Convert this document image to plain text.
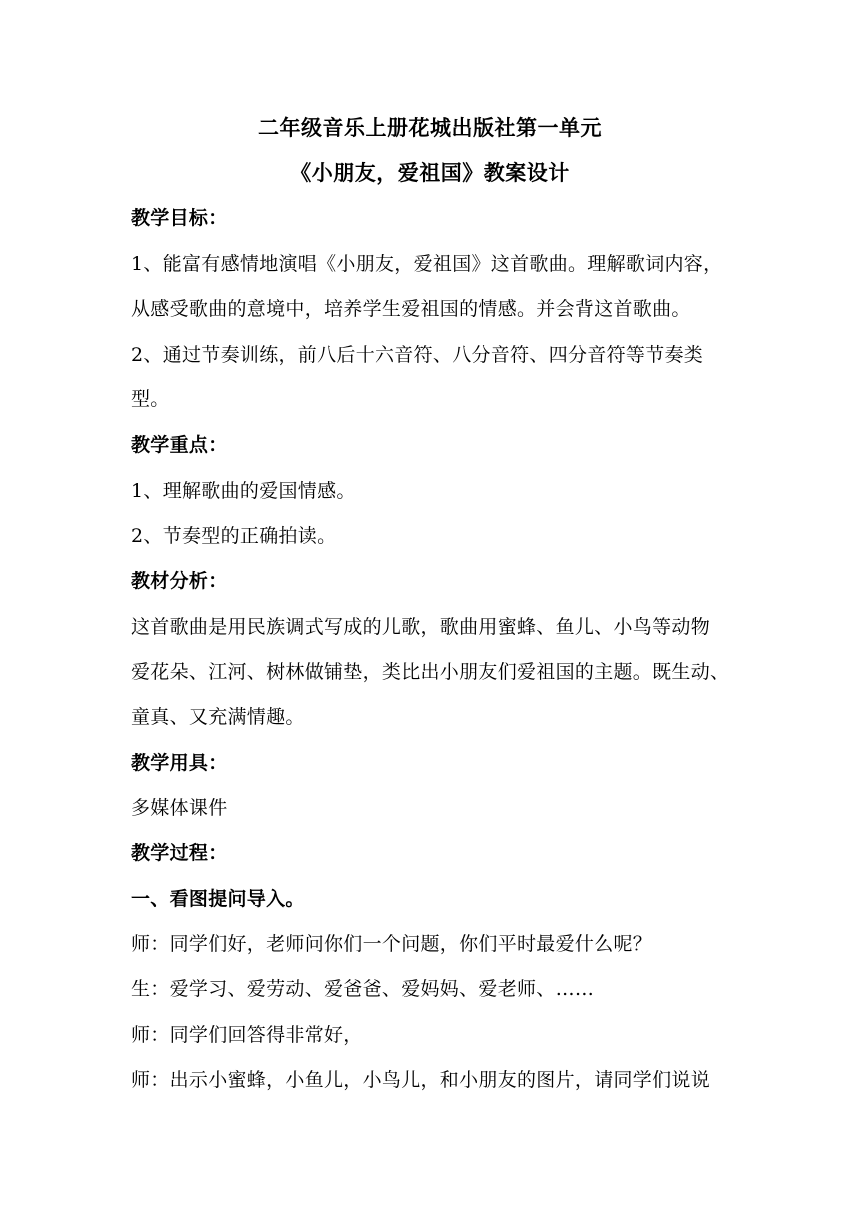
二年级音乐上册花城出版社第一单元
《小朋友，爱祖国》教案设计
教学目标：
1、能富有感情地演唱《小朋友，爱祖国》这首歌曲。理解歌词内容，
从感受歌曲的意境中，培养学生爱祖国的情感。并会背这首歌曲。
2、通过节奏训练，前八后十六音符、八分音符、四分音符等节奏类
型。
教学重点：
1、理解歌曲的爱国情感。
2、节奏型的正确拍读。
教材分析：
这首歌曲是用民族调式写成的儿歌，歌曲用蜜蜂、鱼儿、小鸟等动物
爱花朵、江河、树林做铺垫，类比出小朋友们爱祖国的主题。既生动、
童真、又充满情趣。
教学用具：
多媒体课件
教学过程：
一、看图提问导入。
师：同学们好，老师问你们一个问题，你们平时最爱什么呢？
生：爱学习、爱劳动、爱爸爸、爱妈妈、爱老师、……
师：同学们回答得非常好，
师：出示小蜜蜂，小鱼儿，小鸟儿，和小朋友的图片，请同学们说说
